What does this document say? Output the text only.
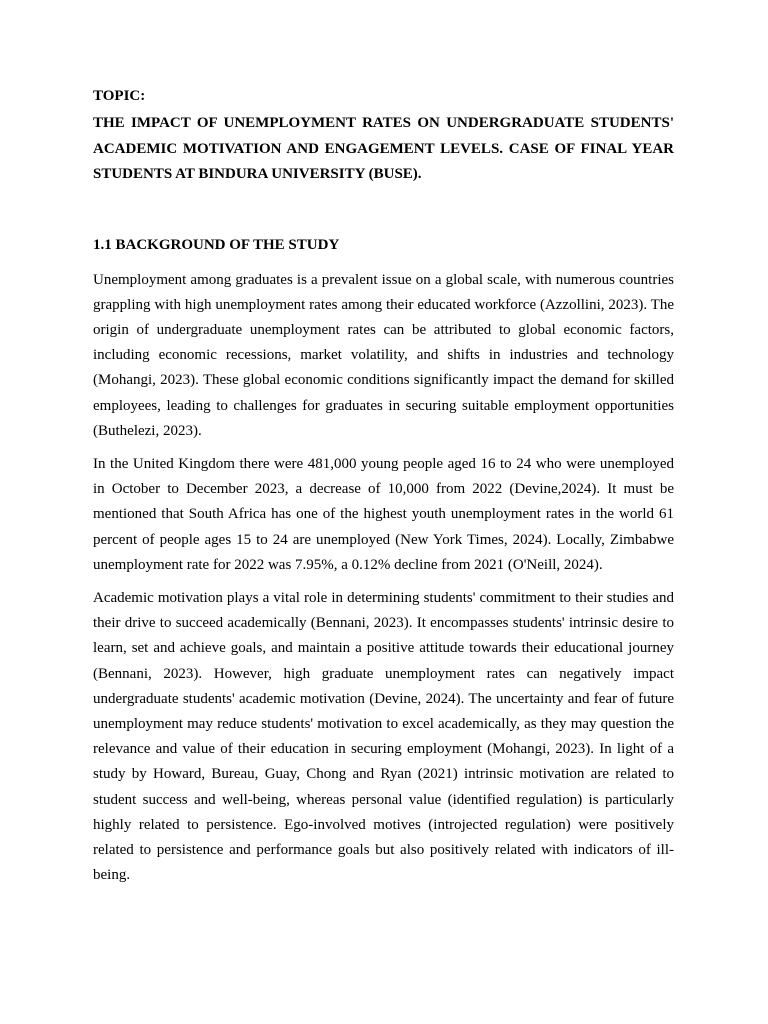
TOPIC:

THE IMPACT OF UNEMPLOYMENT RATES ON UNDERGRADUATE STUDENTS' ACADEMIC MOTIVATION AND ENGAGEMENT LEVELS. CASE OF FINAL YEAR STUDENTS AT BINDURA UNIVERSITY (BUSE).

1.1 BACKGROUND OF THE STUDY

Unemployment among graduates is a prevalent issue on a global scale, with numerous countries grappling with high unemployment rates among their educated workforce (Azzollini, 2023). The origin of undergraduate unemployment rates can be attributed to global economic factors, including economic recessions, market volatility, and shifts in industries and technology (Mohangi, 2023). These global economic conditions significantly impact the demand for skilled employees, leading to challenges for graduates in securing suitable employment opportunities (Buthelezi, 2023).

In the United Kingdom there were 481,000 young people aged 16 to 24 who were unemployed in October to December 2023, a decrease of 10,000 from 2022 (Devine,2024). It must be mentioned that South Africa has one of the highest youth unemployment rates in the world 61 percent of people ages 15 to 24 are unemployed (New York Times, 2024). Locally, Zimbabwe unemployment rate for 2022 was 7.95%, a 0.12% decline from 2021 (O'Neill, 2024).

Academic motivation plays a vital role in determining students' commitment to their studies and their drive to succeed academically (Bennani, 2023). It encompasses students' intrinsic desire to learn, set and achieve goals, and maintain a positive attitude towards their educational journey (Bennani, 2023). However, high graduate unemployment rates can negatively impact undergraduate students' academic motivation (Devine, 2024). The uncertainty and fear of future unemployment may reduce students' motivation to excel academically, as they may question the relevance and value of their education in securing employment (Mohangi, 2023). In light of a study by Howard, Bureau, Guay, Chong and Ryan (2021) intrinsic motivation are related to student success and well-being, whereas personal value (identified regulation) is particularly highly related to persistence. Ego-involved motives (introjected regulation) were positively related to persistence and performance goals but also positively related with indicators of ill-being.
